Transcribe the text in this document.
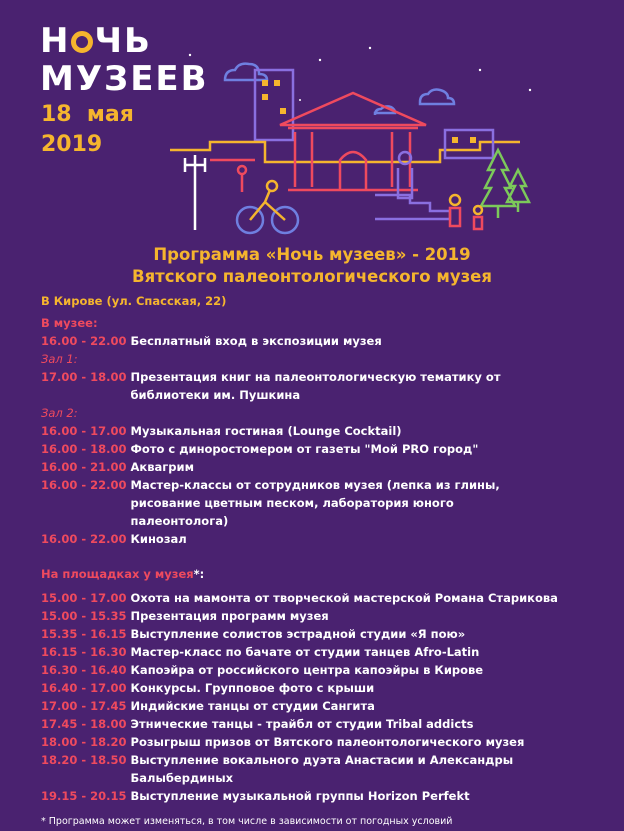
Н ЧЬ
МУЗЕЕВ
18  мая
2019
Программа «Ночь музеев» - 2019
Вятского палеонтологического музея
В Кирове (ул. Спасская, 22)
В музее:
16.00 - 22.00 Бесплатный вход в экспозиции музея
Зал 1:
17.00 - 18.00 Презентация книг на палеонтологическую тематику от библиотеки им. Пушкина
Зал 2:
16.00 - 17.00 Музыкальная гостиная (Lounge Cocktail)
16.00 - 18.00 Фото с диноростомером от газеты "Мой PRO город"
16.00 - 21.00 Аквагрим
16.00 - 22.00 Мастер-классы от сотрудников музея (лепка из глины, рисование цветным песком, лаборатория юного палеонтолога)
16.00 - 22.00 Кинозал
На площадках у музея*:
15.00 - 17.00 Охота на мамонта от творческой мастерской Романа Старикова
15.00 - 15.35 Презентация программ музея
15.35 - 16.15 Выступление солистов эстрадной студии «Я пою»
16.15 - 16.30 Мастер-класс по бачате от студии танцев Afro-Latin
16.30 - 16.40 Капоэйра от российского центра капоэйры в Кирове
16.40 - 17.00 Конкурсы. Групповое фото с крыши
17.00 - 17.45 Индийские танцы от студии Сангита
17.45 - 18.00 Этнические танцы - трайбл от студии Tribal addicts
18.00 - 18.20 Розыгрыш призов от Вятского палеонтологического музея
18.20 - 18.50 Выступление вокального дуэта Анастасии и Александры Балыбердиных
19.15 - 20.15 Выступление музыкальной группы Horizon Perfekt
* Программа может изменяться, в том числе в зависимости от погодных условий
